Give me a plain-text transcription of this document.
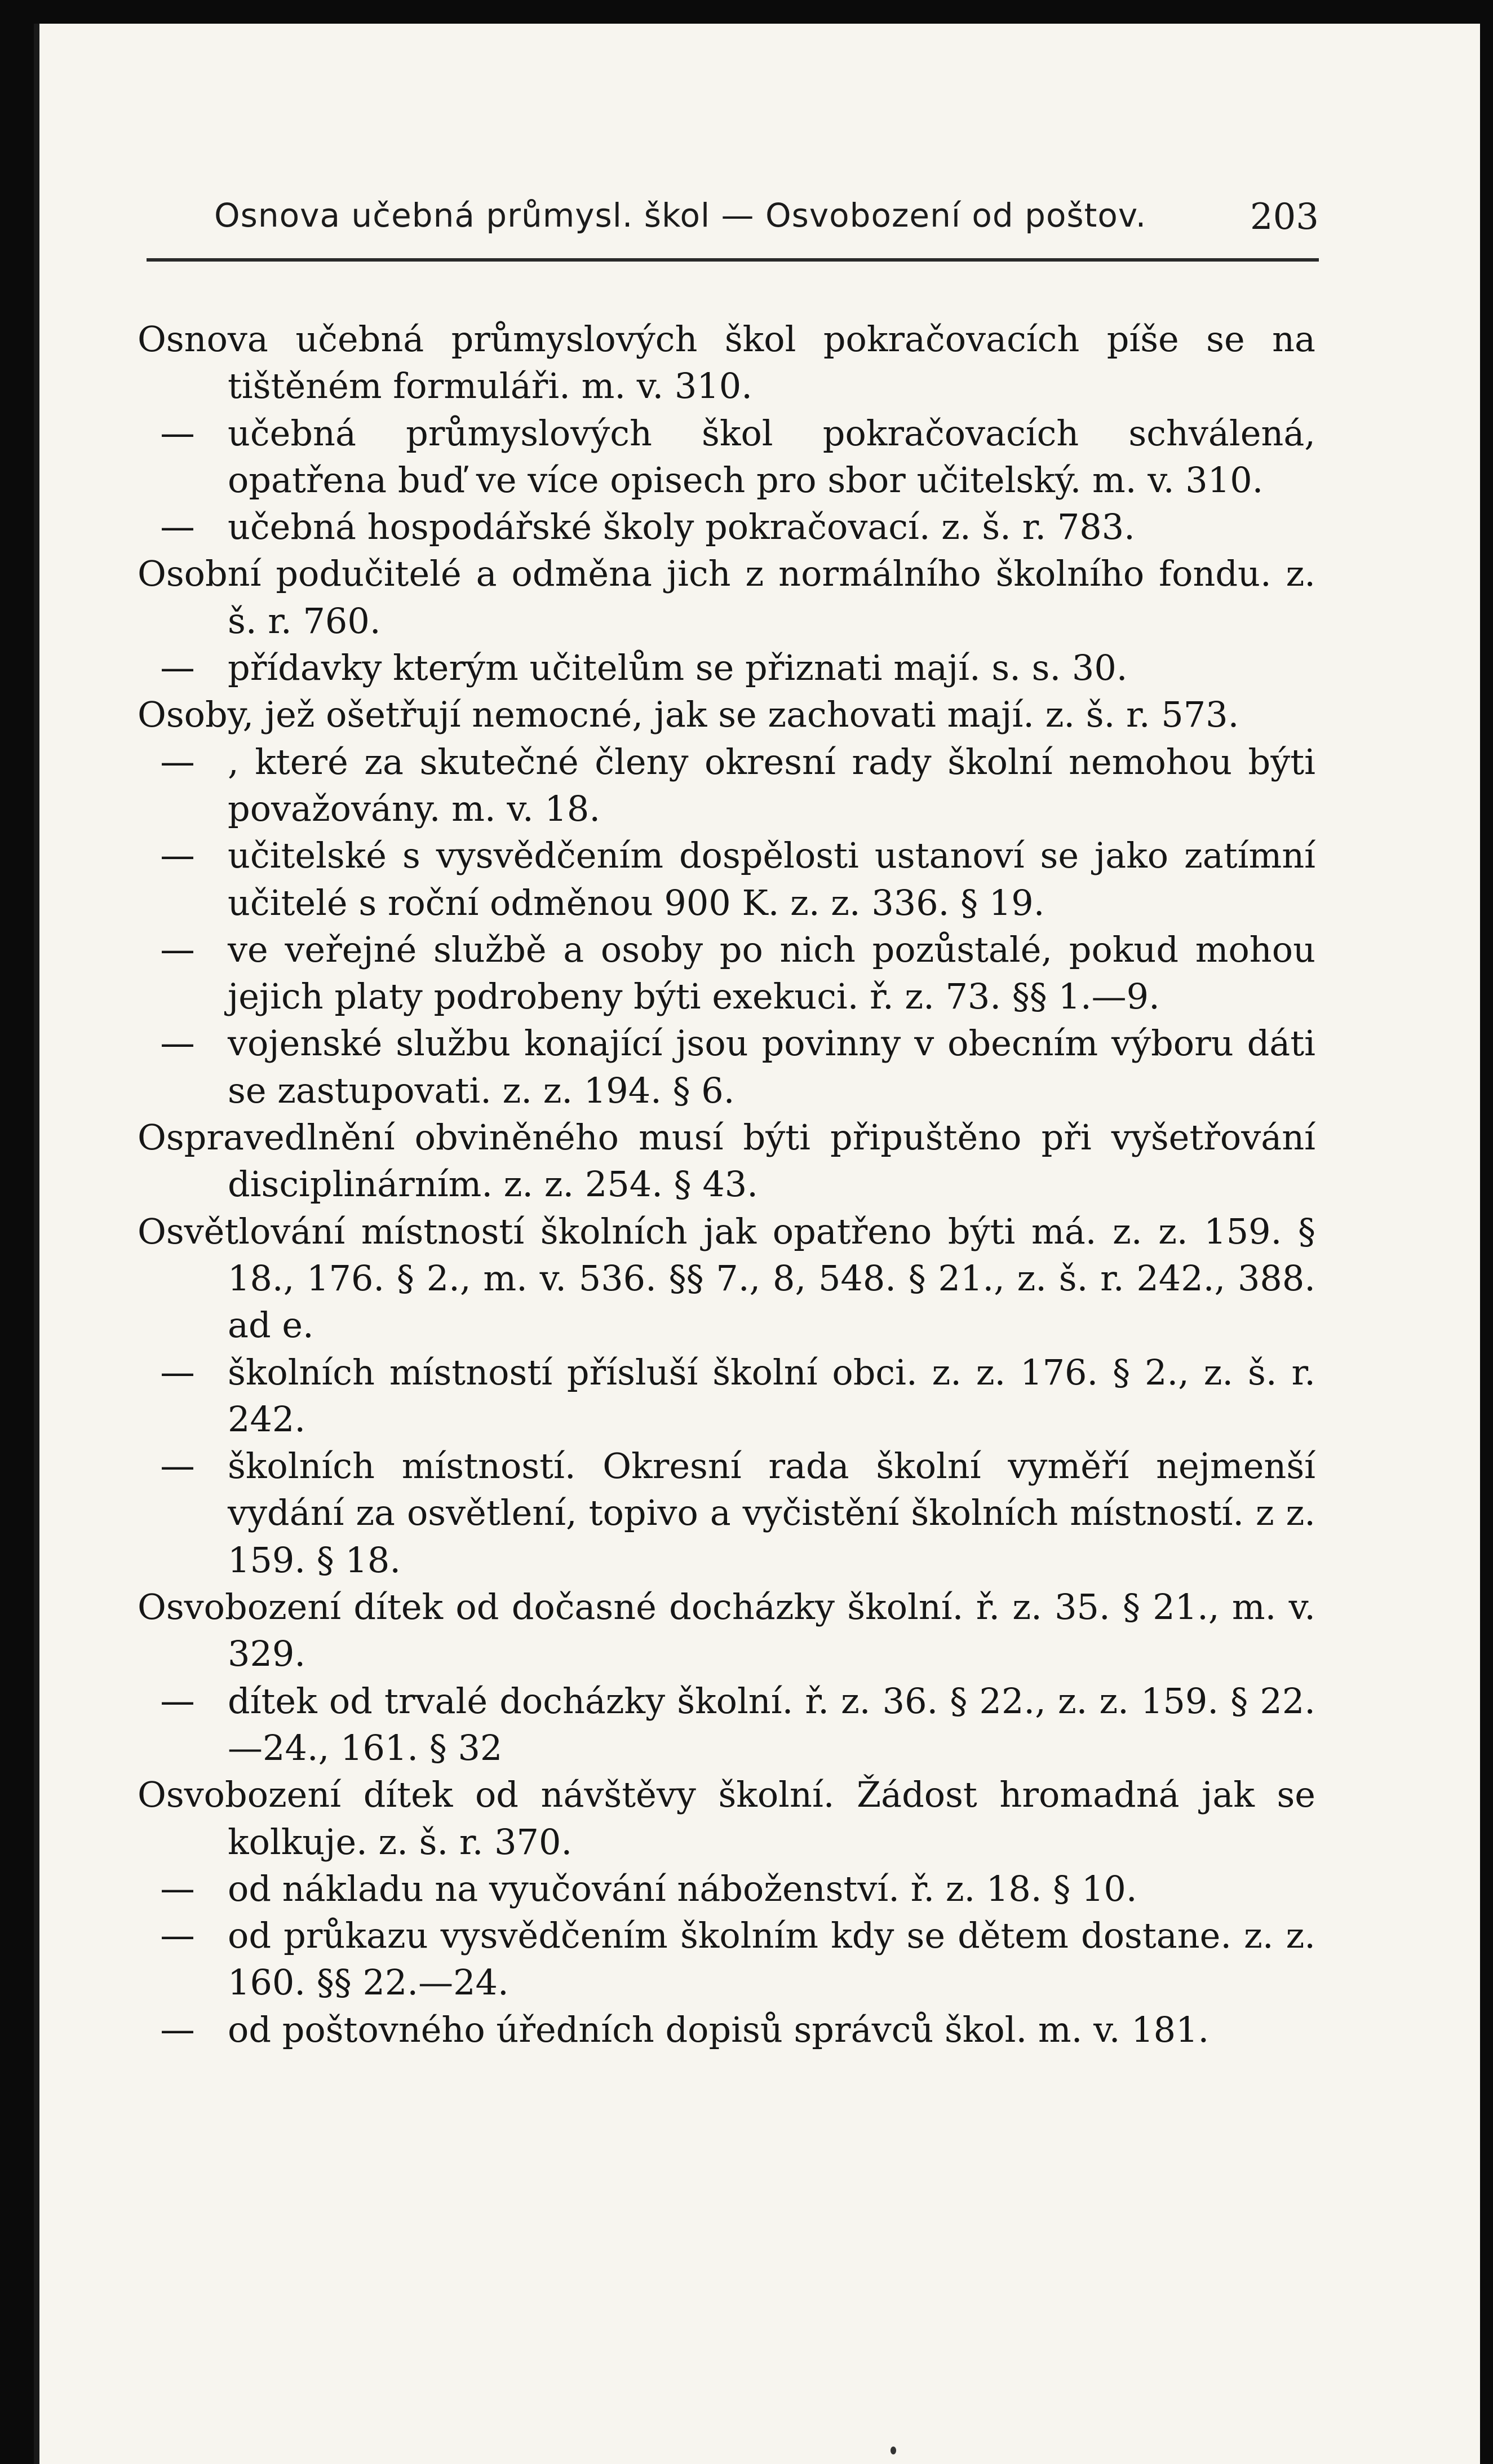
Osnova učebná průmysl. škol — Osvobození od poštov.	203

Osnova učebná průmyslových škol pokračovacích píše se na tištěném formuláři. m. v. 310.

— učebná průmyslových škol pokračovacích schválená, opatřena buď ve více opisech pro sbor učitelský. m. v. 310.

— učebná hospodářské školy pokračovací. z. š. r. 783.

Osobní podučitelé a odměna jich z normálního školního fondu. z. š. r. 760.

— přídavky kterým učitelům se přiznati mají. s. s. 30.

Osoby, jež ošetřují nemocné, jak se zachovati mají. z. š. r. 573.

— , které za skutečné členy okresní rady školní nemohou býti považovány. m. v. 18.

— učitelské s vysvědčením dospělosti ustanoví se jako zatímní učitelé s roční odměnou 900 K. z. z. 336. § 19.

— ve veřejné službě a osoby po nich pozůstalé, pokud mohou jejich platy podrobeny býti exekuci. ř. z. 73. §§ 1.—9.

— vojenské službu konající jsou povinny v obecním výboru dáti se zastupovati. z. z. 194. § 6.

Ospravedlnění obviněného musí býti připuštěno při vyšetřování disciplinárním. z. z. 254. § 43.

Osvětlování místností školních jak opatřeno býti má. z. z. 159. § 18., 176. § 2., m. v. 536. §§ 7., 8, 548. § 21., z. š. r. 242., 388. ad e.

— školních místností přísluší školní obci. z. z. 176. § 2., z. š. r. 242.

— školních místností. Okresní rada školní vyměří nejmenší vydání za osvětlení, topivo a vyčistění školních místností. z z. 159. § 18.

Osvobození dítek od dočasné docházky školní. ř. z. 35. § 21., m. v. 329.

— dítek od trvalé docházky školní. ř. z. 36. § 22., z. z. 159. § 22.—24., 161. § 32

Osvobození dítek od návštěvy školní. Žádost hromadná jak se kolkuje. z. š. r. 370.

— od nákladu na vyučování náboženství. ř. z. 18. § 10.

— od průkazu vysvědčením školním kdy se dětem dostane. z. z. 160. §§ 22.—24.

— od poštovného úředních dopisů správců škol. m. v. 181.
